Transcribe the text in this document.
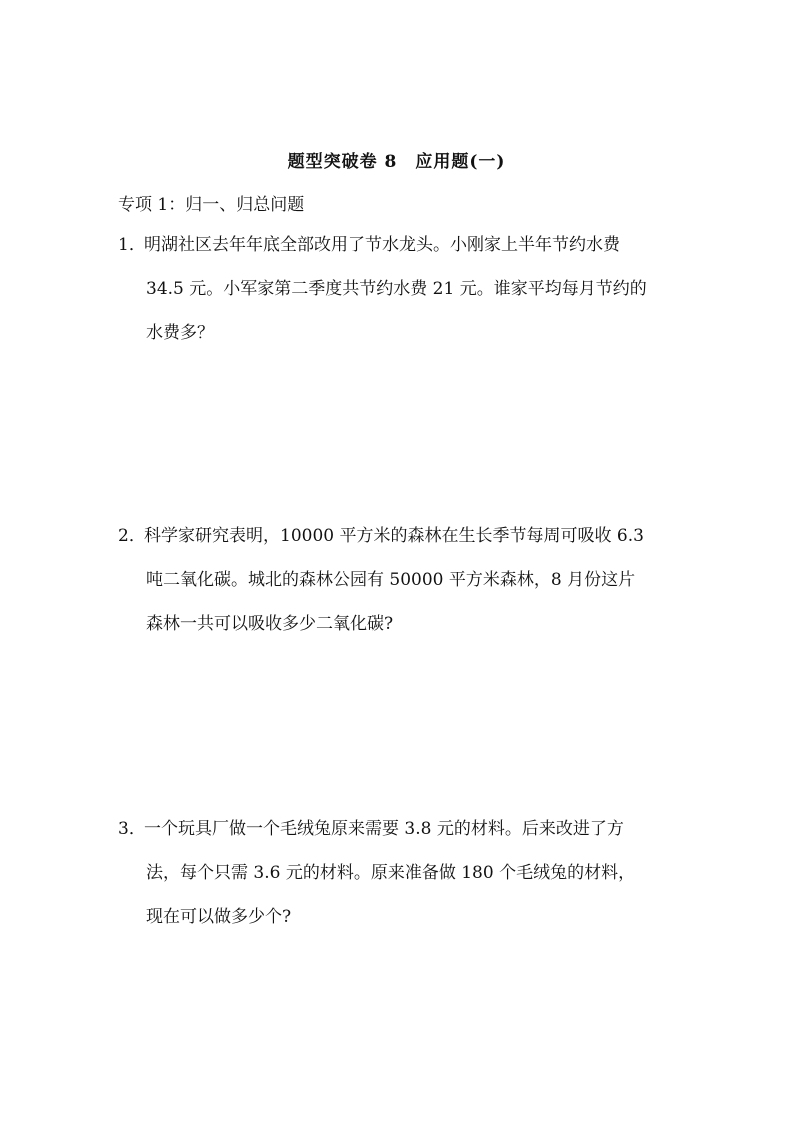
题型突破卷 8　应用题(一)
专项 1：归一、归总问题
1．
明湖社区去年年底全部改用了节水龙头。小刚家上半年节约水费
34.5 元。小军家第二季度共节约水费 21 元。谁家平均每月节约的
水费多？
2．
科学家研究表明，10000 平方米的森林在生长季节每周可吸收 6.3
吨二氧化碳。城北的森林公园有 50000 平方米森林，8 月份这片
森林一共可以吸收多少二氧化碳?
3．
一个玩具厂做一个毛绒兔原来需要 3.8 元的材料。后来改进了方
法，每个只需 3.6 元的材料。原来准备做 180 个毛绒兔的材料，
现在可以做多少个?
